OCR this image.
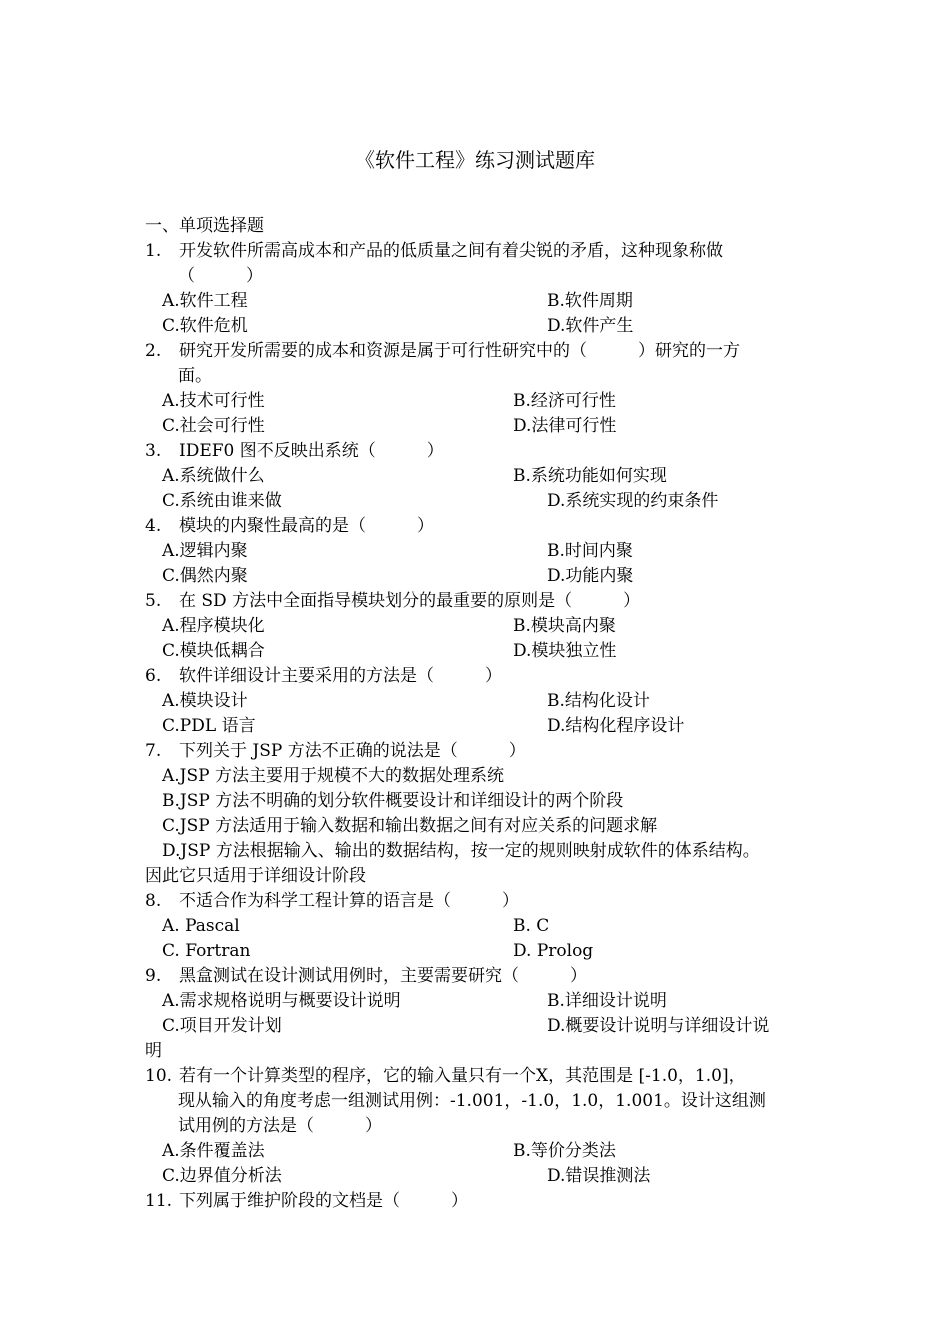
《软件工程》练习测试题库
一、单项选择题
1. 开发软件所需高成本和产品的低质量之间有着尖锐的矛盾，这种现象称做
（　　　）
A.软件工程	B.软件周期
C.软件危机	D.软件产生
2. 研究开发所需要的成本和资源是属于可行性研究中的（　　　）研究的一方
面。
A.技术可行性	B.经济可行性
C.社会可行性	D.法律可行性
3. IDEF0 图不反映出系统（　　　）
A.系统做什么	B.系统功能如何实现
C.系统由谁来做	D.系统实现的约束条件
4. 模块的内聚性最高的是（　　　）
A.逻辑内聚	B.时间内聚
C.偶然内聚	D.功能内聚
5. 在 SD 方法中全面指导模块划分的最重要的原则是（　　　）
A.程序模块化	B.模块高内聚
C.模块低耦合	D.模块独立性
6. 软件详细设计主要采用的方法是（　　　）
A.模块设计	B.结构化设计
C.PDL 语言	D.结构化程序设计
7. 下列关于 JSP 方法不正确的说法是（　　　）
A.JSP 方法主要用于规模不大的数据处理系统
B.JSP 方法不明确的划分软件概要设计和详细设计的两个阶段
C.JSP 方法适用于输入数据和输出数据之间有对应关系的问题求解
D.JSP 方法根据输入、输出的数据结构，按一定的规则映射成软件的体系结构。
因此它只适用于详细设计阶段
8. 不适合作为科学工程计算的语言是（　　　）
A. Pascal	B. C
C. Fortran	D. Prolog
9. 黑盒测试在设计测试用例时，主要需要研究（　　　）
A.需求规格说明与概要设计说明	B.详细设计说明
C.项目开发计划	D.概要设计说明与详细设计说
明
10. 若有一个计算类型的程序，它的输入量只有一个X，其范围是 [-1.0，1.0]，
现从输入的角度考虑一组测试用例：-1.001，-1.0，1.0，1.001。设计这组测
试用例的方法是（　　　）
A.条件覆盖法	B.等价分类法
C.边界值分析法	D.错误推测法
11. 下列属于维护阶段的文档是（　　　）
